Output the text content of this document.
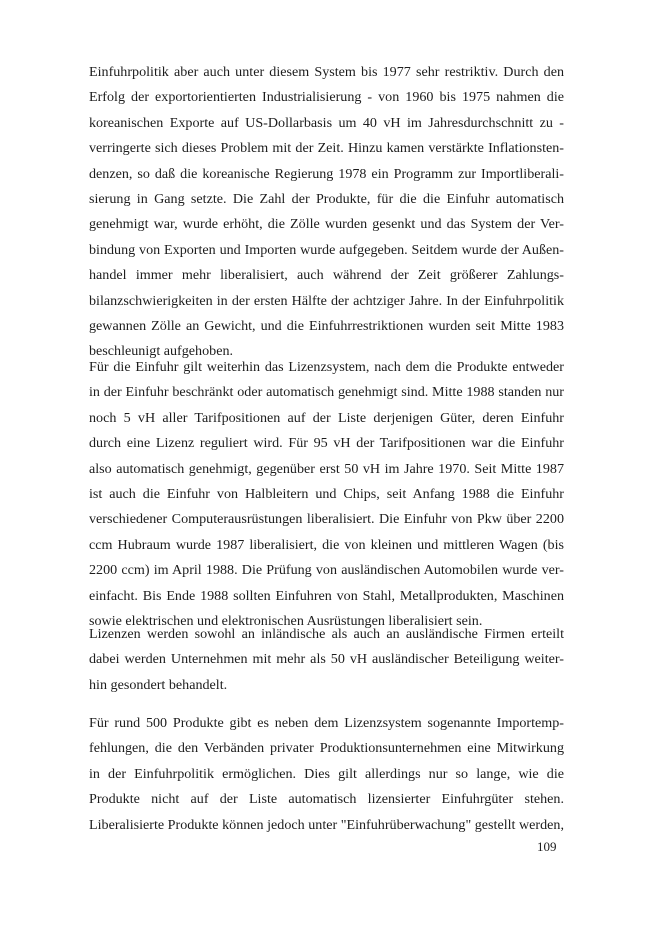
Einfuhrpolitik aber auch unter diesem System bis 1977 sehr restriktiv. Durch den
Erfolg der exportorientierten Industrialisierung - von 1960 bis 1975 nahmen die
koreanischen Exporte auf US-Dollarbasis um 40 vH im Jahresdurchschnitt zu -
verringerte sich dieses Problem mit der Zeit. Hinzu kamen verstärkte Inflationsten-
denzen, so daß die koreanische Regierung 1978 ein Programm zur Importliberali-
sierung in Gang setzte. Die Zahl der Produkte, für die die Einfuhr automatisch
genehmigt war, wurde erhöht, die Zölle wurden gesenkt und das System der Ver-
bindung von Exporten und Importen wurde aufgegeben. Seitdem wurde der Außen-
handel immer mehr liberalisiert, auch während der Zeit größerer Zahlungs-
bilanzschwierigkeiten in der ersten Hälfte der achtziger Jahre. In der Einfuhrpolitik
gewannen Zölle an Gewicht, und die Einfuhrrestriktionen wurden seit Mitte 1983
beschleunigt aufgehoben.
Für die Einfuhr gilt weiterhin das Lizenzsystem, nach dem die Produkte entweder
in der Einfuhr beschränkt oder automatisch genehmigt sind. Mitte 1988 standen nur
noch 5 vH aller Tarifpositionen auf der Liste derjenigen Güter, deren Einfuhr
durch eine Lizenz reguliert wird. Für 95 vH der Tarifpositionen war die Einfuhr
also automatisch genehmigt, gegenüber erst 50 vH im Jahre 1970. Seit Mitte 1987
ist auch die Einfuhr von Halbleitern und Chips, seit Anfang 1988 die Einfuhr
verschiedener Computerausrüstungen liberalisiert. Die Einfuhr von Pkw über 2200
ccm Hubraum wurde 1987 liberalisiert, die von kleinen und mittleren Wagen (bis
2200 ccm) im April 1988. Die Prüfung von ausländischen Automobilen wurde ver-
einfacht. Bis Ende 1988 sollten Einfuhren von Stahl, Metallprodukten, Maschinen
sowie elektrischen und elektronischen Ausrüstungen liberalisiert sein.
Lizenzen werden sowohl an inländische als auch an ausländische Firmen erteilt
dabei werden Unternehmen mit mehr als 50 vH ausländischer Beteiligung weiter-
hin gesondert behandelt.
Für rund 500 Produkte gibt es neben dem Lizenzsystem sogenannte Importemp-
fehlungen, die den Verbänden privater Produktionsunternehmen eine Mitwirkung
in der Einfuhrpolitik ermöglichen. Dies gilt allerdings nur so lange, wie die
Produkte nicht auf der Liste automatisch lizensierter Einfuhrgüter stehen.
Liberalisierte Produkte können jedoch unter "Einfuhrüberwachung" gestellt werden,
109
